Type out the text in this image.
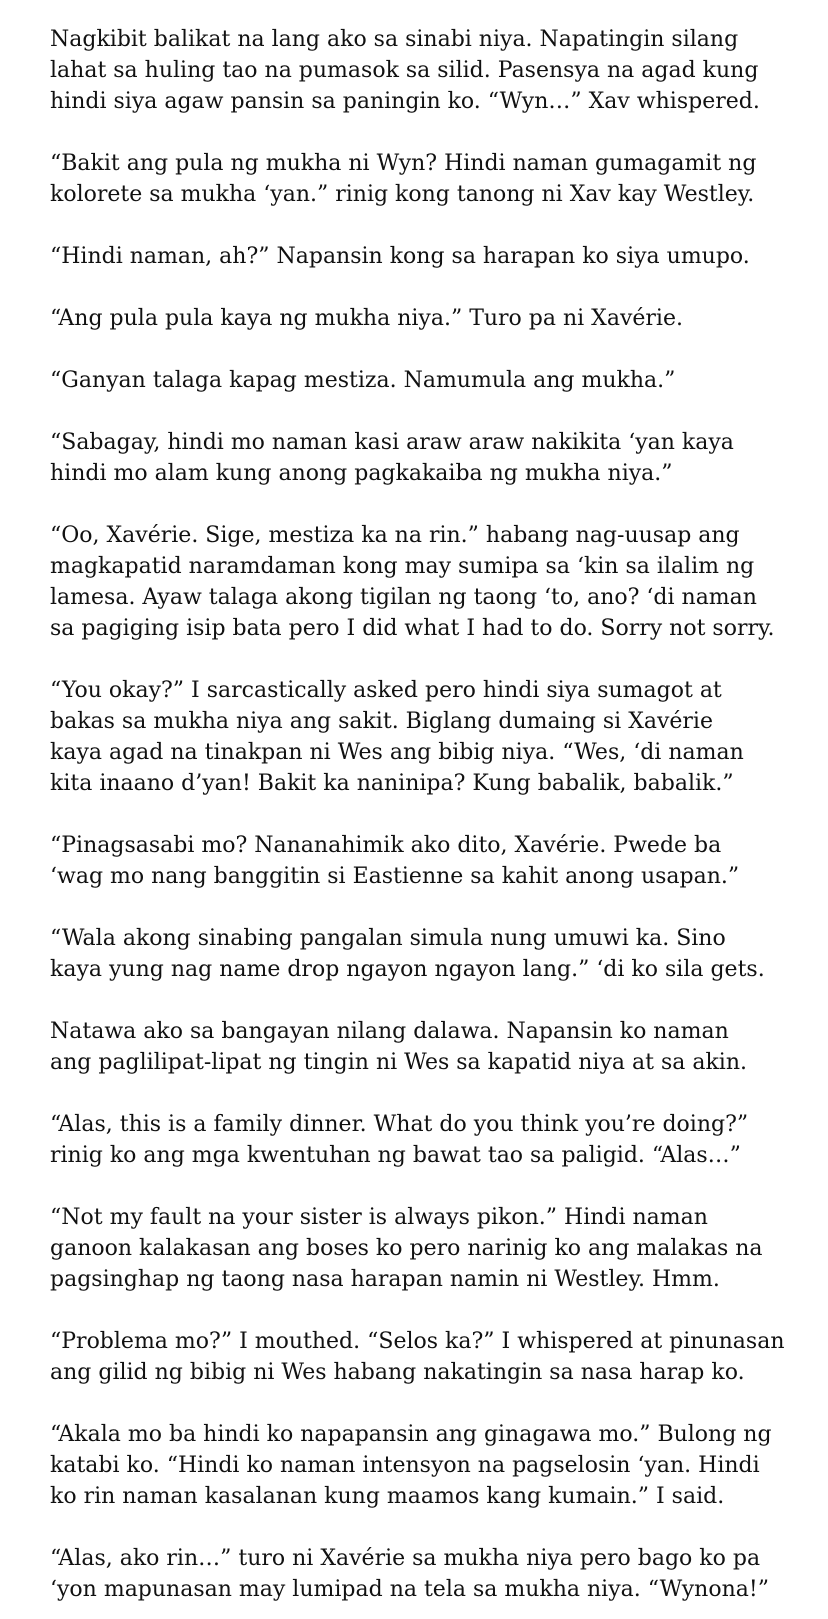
Nagkibit balikat na lang ako sa sinabi niya. Napatingin silang
lahat sa huling tao na pumasok sa silid. Pasensya na agad kung
hindi siya agaw pansin sa paningin ko. “Wyn…” Xav whispered.

“Bakit ang pula ng mukha ni Wyn? Hindi naman gumagamit ng
kolorete sa mukha ‘yan.” rinig kong tanong ni Xav kay Westley.

“Hindi naman, ah?” Napansin kong sa harapan ko siya umupo.

“Ang pula pula kaya ng mukha niya.” Turo pa ni Xavérie.

“Ganyan talaga kapag mestiza. Namumula ang mukha.”

“Sabagay, hindi mo naman kasi araw araw nakikita ‘yan kaya
hindi mo alam kung anong pagkakaiba ng mukha niya.”

“Oo, Xavérie. Sige, mestiza ka na rin.” habang nag-uusap ang
magkapatid naramdaman kong may sumipa sa ‘kin sa ilalim ng
lamesa. Ayaw talaga akong tigilan ng taong ‘to, ano? ‘di naman
sa pagiging isip bata pero I did what I had to do. Sorry not sorry.

“You okay?” I sarcastically asked pero hindi siya sumagot at
bakas sa mukha niya ang sakit. Biglang dumaing si Xavérie
kaya agad na tinakpan ni Wes ang bibig niya. “Wes, ‘di naman
kita inaano d’yan! Bakit ka naninipa? Kung babalik, babalik.”

“Pinagsasabi mo? Nananahimik ako dito, Xavérie. Pwede ba
‘wag mo nang banggitin si Eastienne sa kahit anong usapan.”

“Wala akong sinabing pangalan simula nung umuwi ka. Sino
kaya yung nag name drop ngayon ngayon lang.” ‘di ko sila gets.

Natawa ako sa bangayan nilang dalawa. Napansin ko naman
ang paglilipat-lipat ng tingin ni Wes sa kapatid niya at sa akin.

“Alas, this is a family dinner. What do you think you’re doing?”
rinig ko ang mga kwentuhan ng bawat tao sa paligid. “Alas…”

“Not my fault na your sister is always pikon.” Hindi naman
ganoon kalakasan ang boses ko pero narinig ko ang malakas na
pagsinghap ng taong nasa harapan namin ni Westley. Hmm.

“Problema mo?” I mouthed. “Selos ka?” I whispered at pinunasan
ang gilid ng bibig ni Wes habang nakatingin sa nasa harap ko.

“Akala mo ba hindi ko napapansin ang ginagawa mo.” Bulong ng
katabi ko. “Hindi ko naman intensyon na pagselosin ‘yan. Hindi
ko rin naman kasalanan kung maamos kang kumain.” I said.

“Alas, ako rin…” turo ni Xavérie sa mukha niya pero bago ko pa
‘yon mapunasan may lumipad na tela sa mukha niya. “Wynona!”
